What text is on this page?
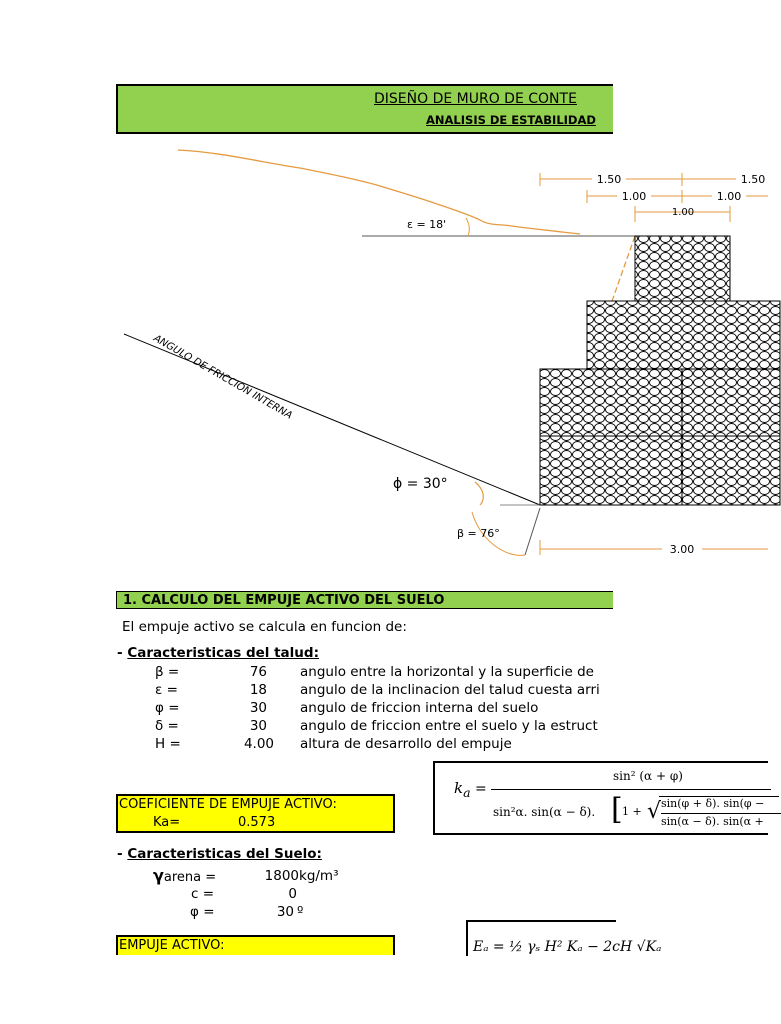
DISEÑO DE MURO DE CONTE
ANALISIS DE ESTABILIDAD
1.50	1.50
1.00	1.00
1.00
3.00
ε = 18'
ϕ = 30°
β = 76°
ANGULO DE FRICCION INTERNA
1. CALCULO DEL EMPUJE ACTIVO DEL SUELO
El empuje activo se calcula en funcion de:
- Caracteristicas del talud:
β =	76 angulo entre la horizontal y la superficie de
ε =	18 angulo de la inclinacion del talud cuesta arri
φ =	30 angulo de friccion interna del suelo
δ =	30 angulo de friccion entre el suelo y la estruct
H =	4.00 altura de desarrollo del empuje
$k_a$ =
sin² (α + φ)
sin²α. sin(α − δ). [ 1 + √ sin(φ + δ). sin(φ −
sin(α − δ). sin(α +
COEFICIENTE DE EMPUJE ACTIVO:
Ka=	0.573
- Caracteristicas del Suelo:
γarena =	1800 kg/m³
c =	0
φ =	30 º
EMPUJE ACTIVO:	Eₐ = ½ γₛ H² Kₐ − 2cH √Kₐ
